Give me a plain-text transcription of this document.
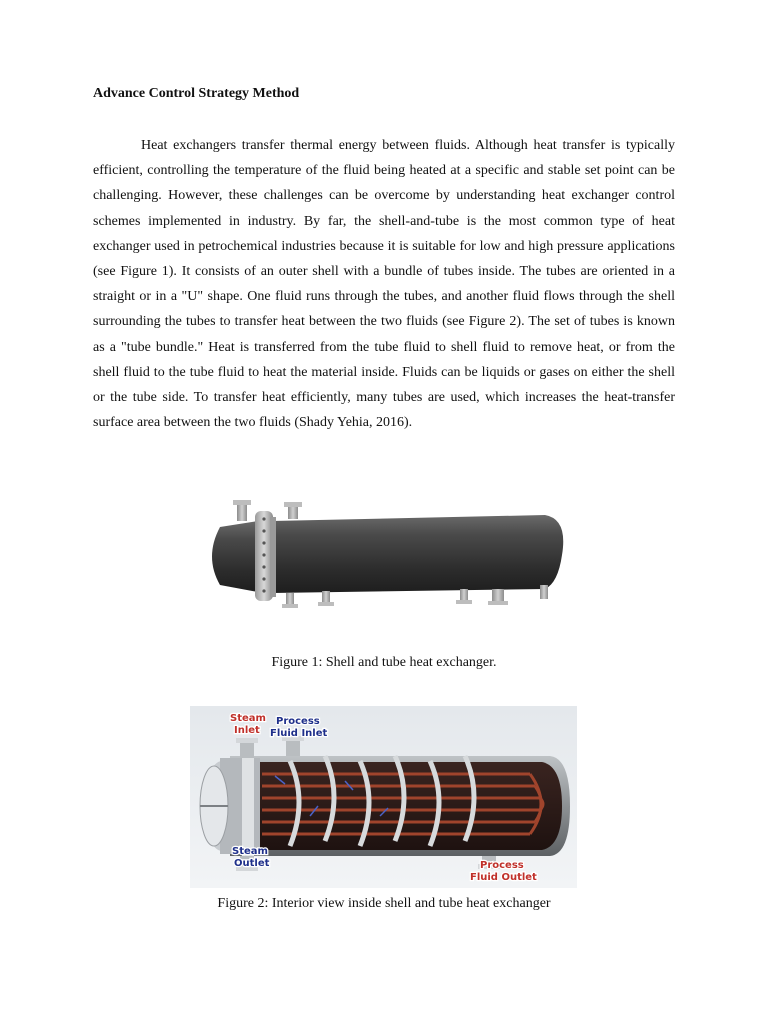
Advance Control Strategy Method

Heat exchangers transfer thermal energy between fluids. Although heat transfer is typically efficient, controlling the temperature of the fluid being heated at a specific and stable set point can be challenging. However, these challenges can be overcome by understanding heat exchanger control schemes implemented in industry. By far, the shell-and-tube is the most common type of heat exchanger used in petrochemical industries because it is suitable for low and high pressure applications (see Figure 1). It consists of an outer shell with a bundle of tubes inside. The tubes are oriented in a straight or in a "U" shape. One fluid runs through the tubes, and another fluid flows through the shell surrounding the tubes to transfer heat between the two fluids (see Figure 2). The set of tubes is known as a "tube bundle." Heat is transferred from the tube fluid to shell fluid to remove heat, or from the shell fluid to the tube fluid to heat the material inside. Fluids can be liquids or gases on either the shell or the tube side. To transfer heat efficiently, many tubes are used, which increases the heat-transfer surface area between the two fluids (Shady Yehia, 2016).

Figure 1: Shell and tube heat exchanger.
Steam
Inlet
Process
Fluid Inlet
Steam
Outlet	Process
Fluid Outlet
Figure 2: Interior view inside shell and tube heat exchanger
